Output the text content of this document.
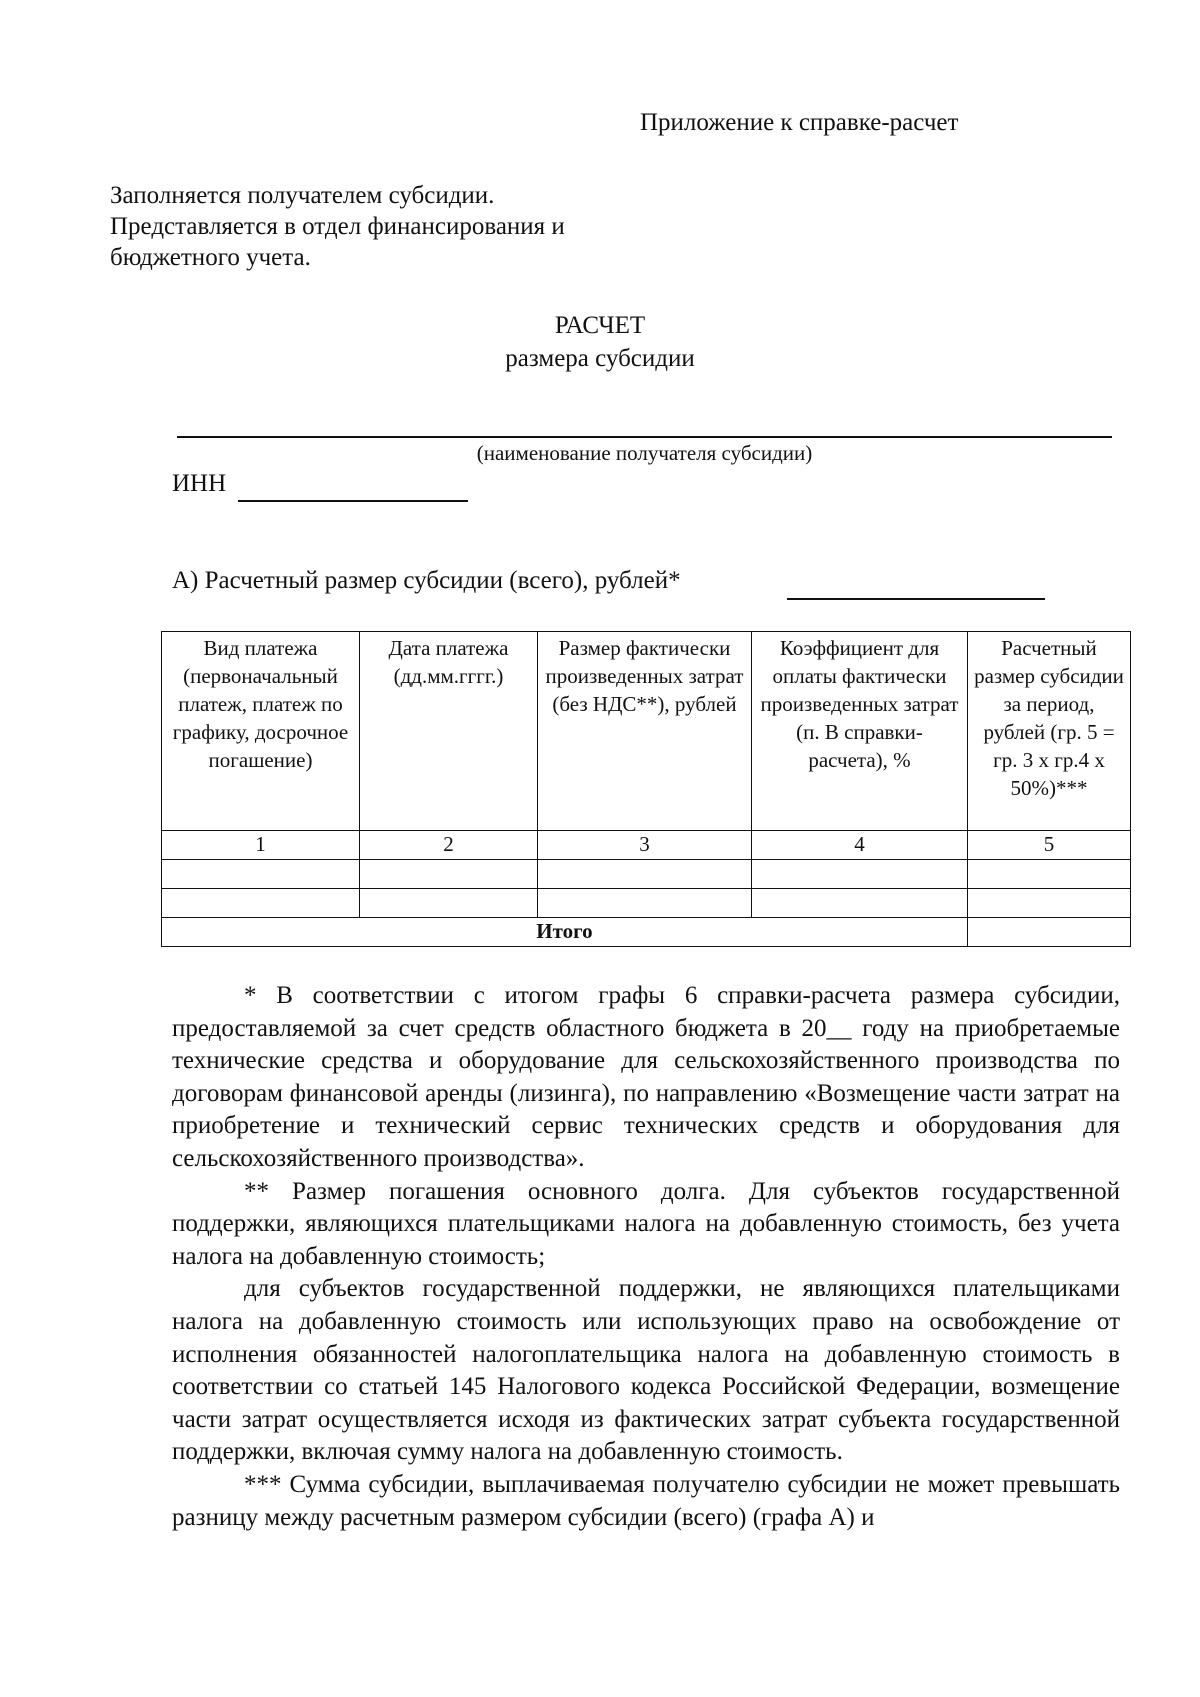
Приложение к справке-расчет
Заполняется получателем субсидии.
Представляется в отдел финансирования и
бюджетного учета.
РАСЧЕТ
размера субсидии
(наименование получателя субсидии)
ИНН
А) Расчетный размер субсидии (всего), рублей*
Вид платежа (первоначальный платеж, платеж по графику, досрочное погашение)	Дата платежа (дд.мм.гггг.)	Размер фактически произведенных затрат (без НДС**), рублей	Коэффициент для оплаты фактически произведенных затрат (п. В справки-расчета), %	Расчетный размер субсидии за период, рублей (гр. 5 = гр. 3 х гр.4 х 50%)***
1	2	3	4	5

Итого				

* В соответствии с итогом графы 6 справки-расчета размера субсидии, предоставляемой за счет средств областного бюджета в 20__ году на приобретаемые технические средства и оборудование для сельскохозяйственного производства по договорам финансовой аренды (лизинга), по направлению «Возмещение части затрат на приобретение и технический сервис технических средств и оборудования для сельскохозяйственного производства».

** Размер погашения основного долга. Для субъектов государственной поддержки, являющихся плательщиками налога на добавленную стоимость, без учета налога на добавленную стоимость;

для субъектов государственной поддержки, не являющихся плательщиками налога на добавленную стоимость или использующих право на освобождение от исполнения обязанностей налогоплательщика налога на добавленную стоимость в соответствии со статьей 145 Налогового кодекса Российской Федерации, возмещение части затрат осуществляется исходя из фактических затрат субъекта государственной поддержки, включая сумму налога на добавленную стоимость.

*** Сумма субсидии, выплачиваемая получателю субсидии не может превышать разницу между расчетным размером субсидии (всего) (графа А) и
